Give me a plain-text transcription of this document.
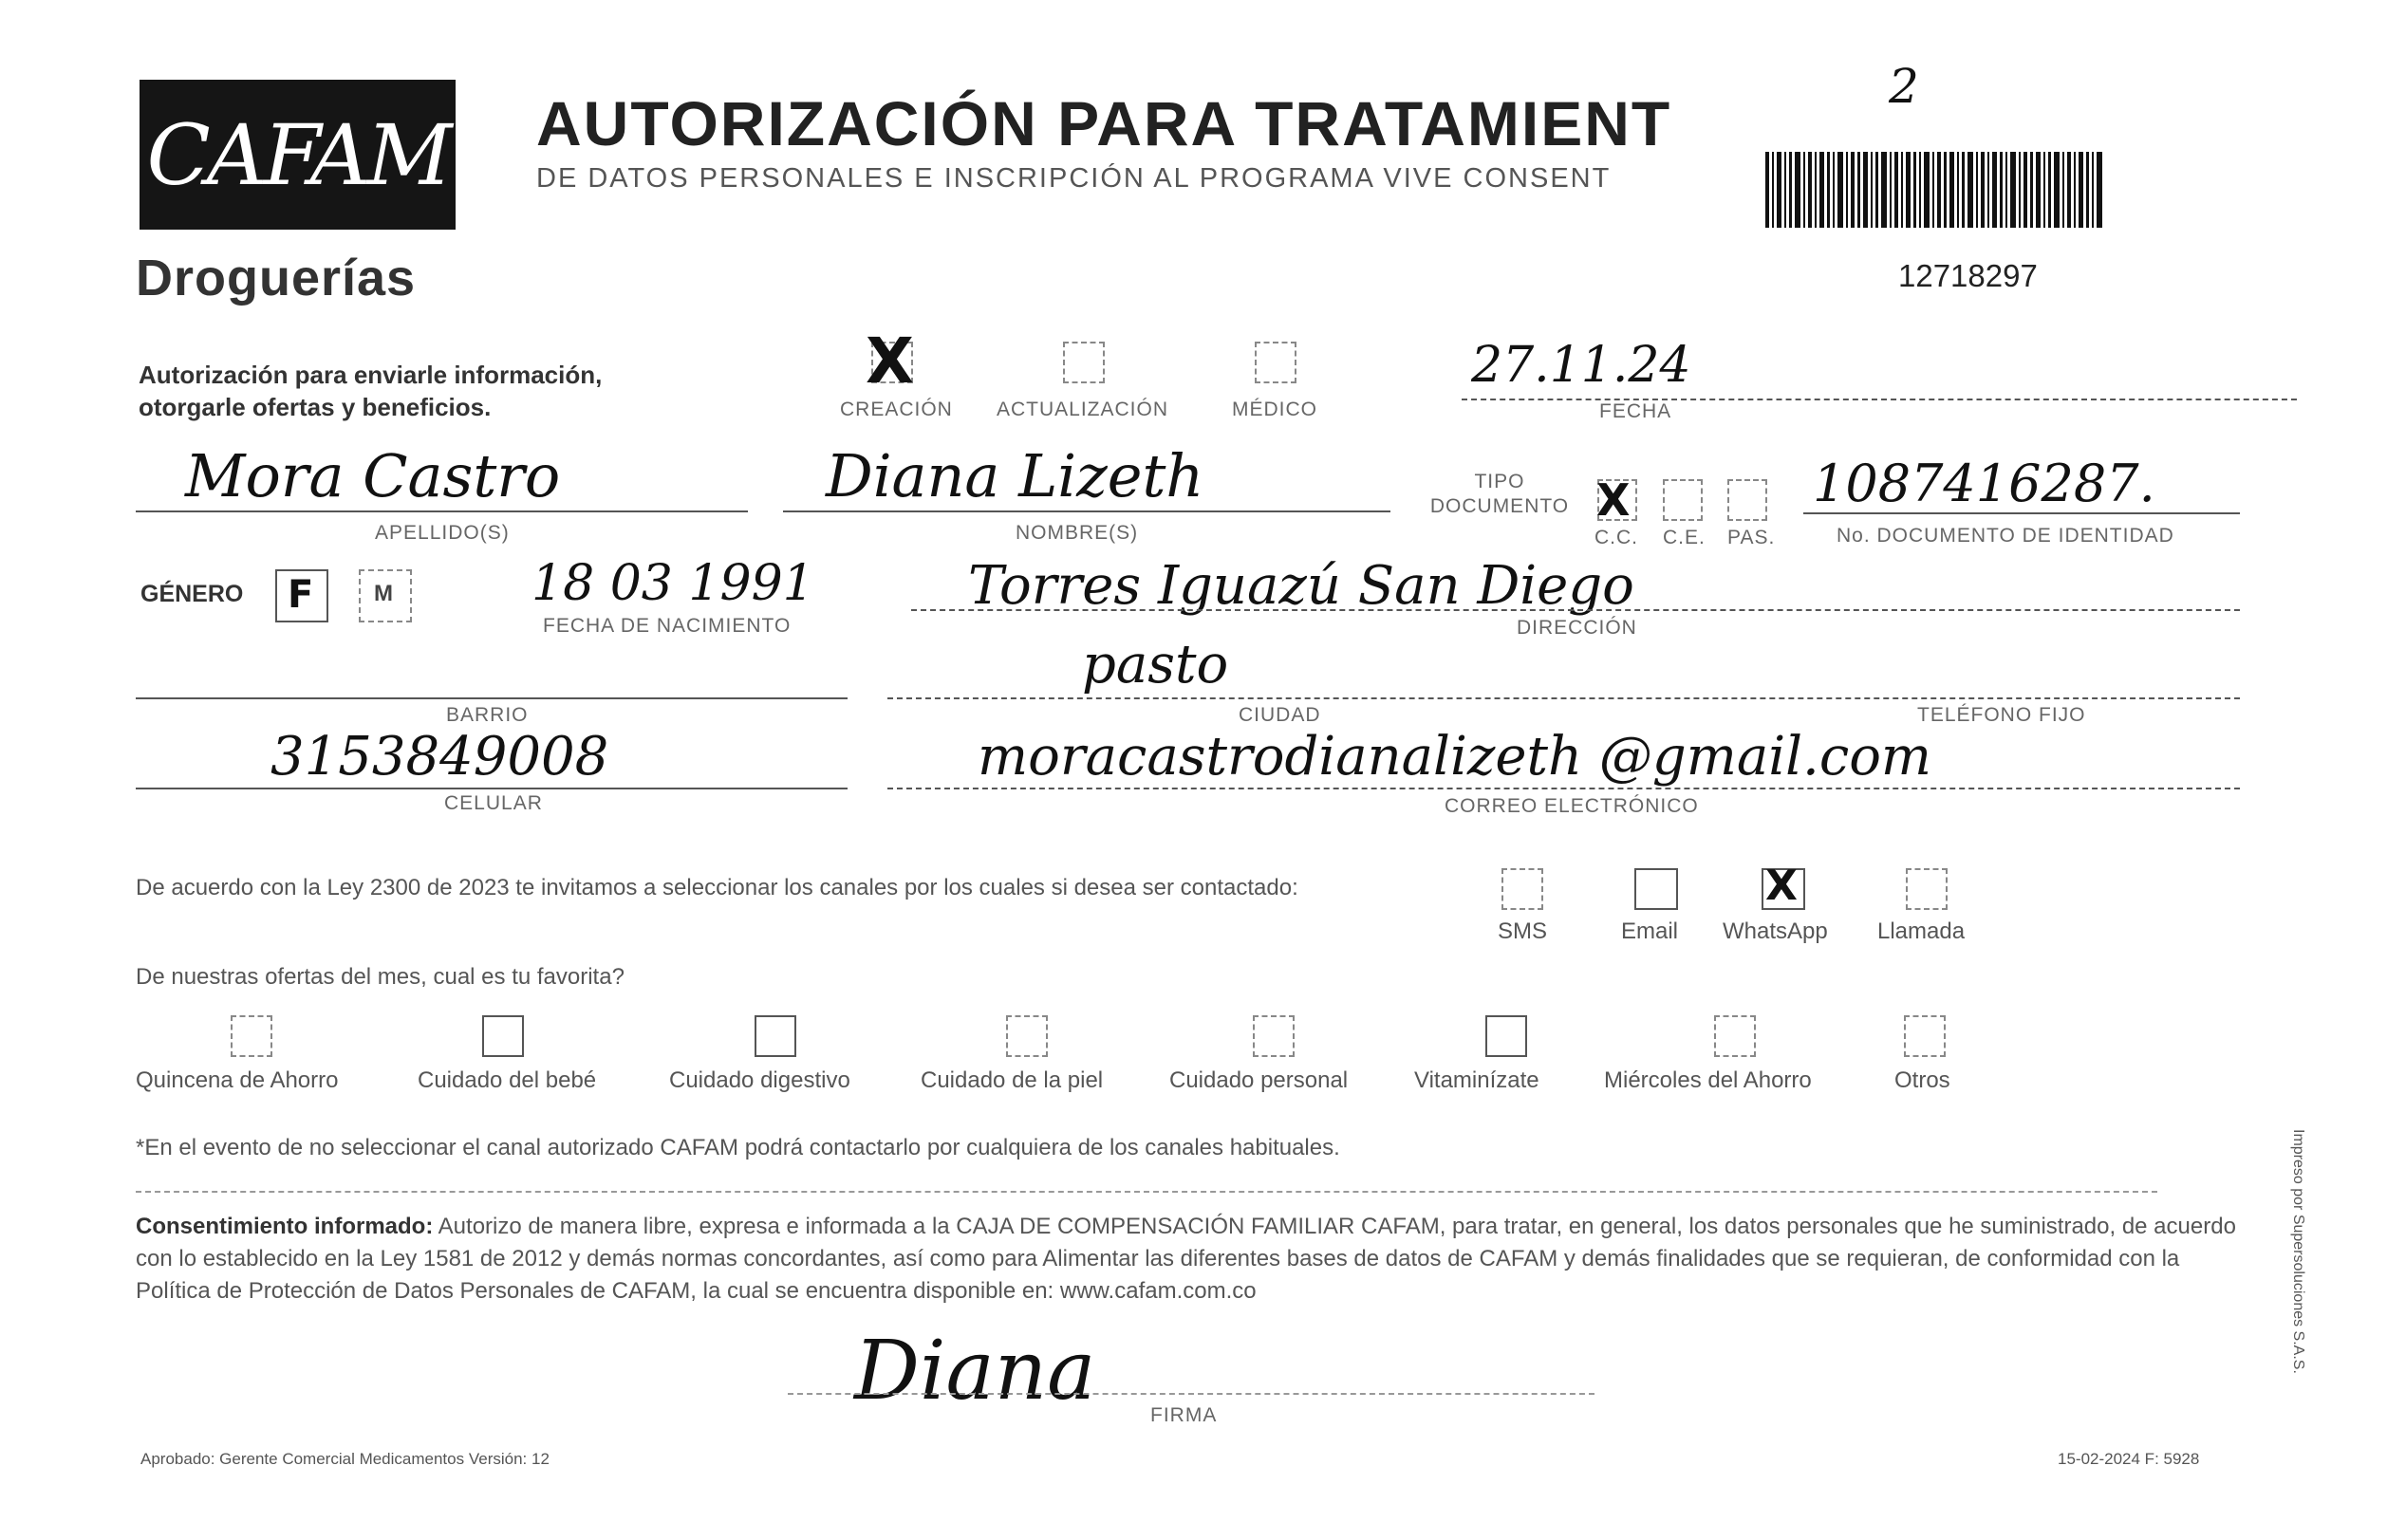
CAFAM
Droguerías
AUTORIZACIÓN PARA TRATAMIENT
DE DATOS PERSONALES E INSCRIPCIÓN AL PROGRAMA VIVE CONSENT
2
12718297
Autorización para enviarle información,
otorgarle ofertas y beneficios.
X
CREACIÓN ACTUALIZACIÓN	MÉDICO
27.11.24
FECHA
Mora Castro
APELLIDO(S)
Diana Lizeth
NOMBRE(S)
TIPO DOCUMENTO X
C.C. C.E. PAS.
1087416287.
No. DOCUMENTO DE IDENTIDAD
GÉNERO F	M	18 03 1991
FECHA DE NACIMIENTO
Torres Iguazú San Diego
DIRECCIÓN
BARRIO
pasto
CIUDAD	TELÉFONO FIJO
3153849008
CELULAR
moracastrodianalizeth @gmail.com
CORREO ELECTRÓNICO
De acuerdo con la Ley 2300 de 2023 te invitamos a seleccionar los canales por los cuales si desea ser contactado:
SMS	Email
X
WhatsApp Llamada
De nuestras ofertas del mes, cual es tu favorita?
Quincena de Ahorro	Cuidado del bebé	Cuidado digestivo	Cuidado de la piel	Cuidado personal	Vitaminízate	Miércoles del Ahorro	Otros
*En el evento de no seleccionar el canal autorizado CAFAM podrá contactarlo por cualquiera de los canales habituales.
Consentimiento informado: Autorizo de manera libre, expresa e informada a la CAJA DE COMPENSACIÓN FAMILIAR CAFAM, para tratar, en general, los datos personales que he suministrado, de acuerdo con lo establecido en la Ley 1581 de 2012 y demás normas concordantes, así como para Alimentar las diferentes bases de datos de CAFAM y demás finalidades que se requieran, de conformidad con la Política de Protección de Datos Personales de CAFAM, la cual se encuentra disponible en: www.cafam.com.co
Diana	FIRMA
Aprobado: Gerente Comercial Medicamentos Versión: 12	15-02-2024 F: 5928
Impreso por Supersoluciones S.A.S.
